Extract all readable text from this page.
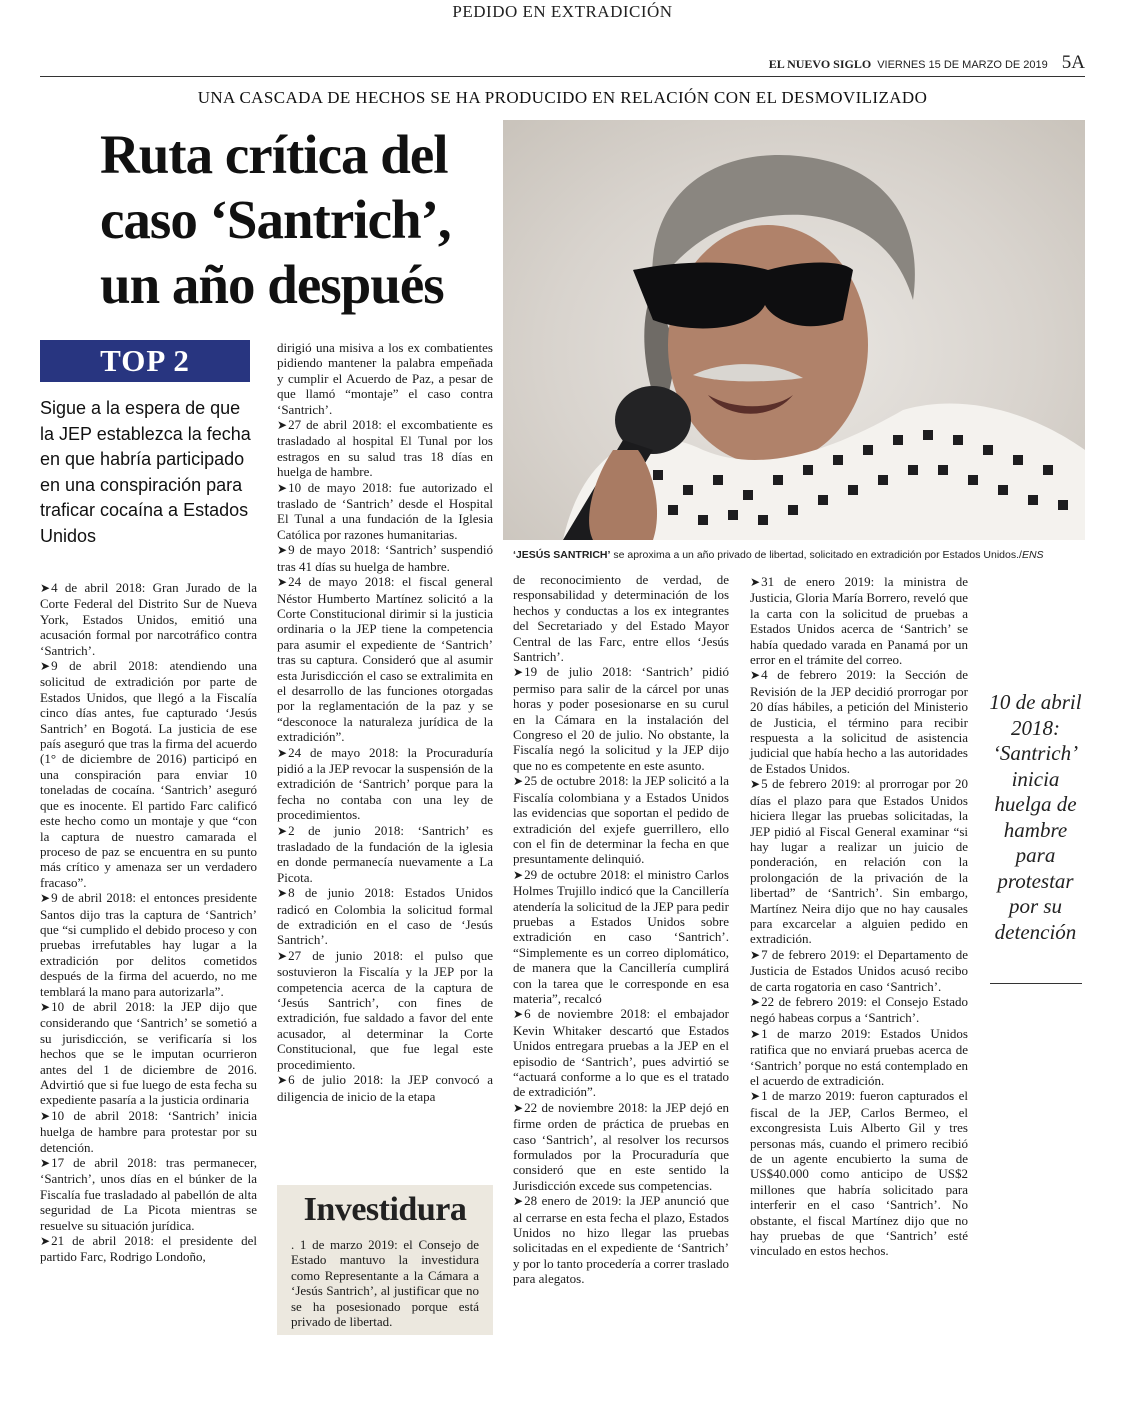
PEDIDO EN EXTRADICIÓN
EL NUEVO SIGLO VIERNES 15 DE MARZO DE 2019 5A
UNA CASCADA DE HECHOS SE HA PRODUCIDO EN RELACIÓN CON EL DESMOVILIZADO
Ruta crítica del caso ‘Santrich’, un año después
‘JESÚS SANTRICH’ se aproxima a un año privado de libertad, solicitado en extradición por Estados Unidos./ENS
TOP 2
Sigue a la espera de que la JEP establezca la fecha en que habría participado en una conspiración para traficar cocaína a Estados Unidos

➤ 4 de abril 2018: Gran Jurado de la Corte Federal del Distrito Sur de Nueva York, Estados Unidos, emitió una acusación formal por narcotráfico contra ‘Santrich’.

➤ 9 de abril 2018: atendiendo una solicitud de extradición por parte de Estados Unidos, que llegó a la Fiscalía cinco días antes, fue capturado ‘Jesús Santrich’ en Bogotá. La justicia de ese país aseguró que tras la firma del acuerdo (1° de diciembre de 2016) participó en una conspiración para enviar 10 toneladas de cocaína. ‘Santrich’ aseguró que es inocente. El partido Farc calificó este hecho como un montaje y que “con la captura de nuestro camarada el proceso de paz se encuentra en su punto más crítico y amenaza ser un verdadero fracaso”.

➤ 9 de abril 2018: el entonces presidente Santos dijo tras la captura de ‘Santrich’ que “si cumplido el debido proceso y con pruebas irrefutables hay lugar a la extradición por delitos cometidos después de la firma del acuerdo, no me temblará la mano para autorizarla”.

➤ 10 de abril 2018: la JEP dijo que considerando que ‘Santrich’ se sometió a su jurisdicción, se verificaría si los hechos que se le imputan ocurrieron antes del 1 de diciembre de 2016. Advirtió que si fue luego de esta fecha su expediente pasaría a la justicia ordinaria

➤ 10 de abril 2018: ‘Santrich’ inicia huelga de hambre para protestar por su detención.

➤ 17 de abril 2018: tras permanecer, ‘Santrich’, unos días en el búnker de la Fiscalía fue trasladado al pabellón de alta seguridad de La Picota mientras se resuelve su situación jurídica.

➤ 21 de abril 2018: el presidente del partido Farc, Rodrigo Londoño,

dirigió una misiva a los ex combatientes pidiendo mantener la palabra empeñada y cumplir el Acuerdo de Paz, a pesar de que llamó “montaje” el caso contra ‘Santrich’.

➤ 27 de abril 2018: el excombatiente es trasladado al hospital El Tunal por los estragos en su salud tras 18 días en huelga de hambre.

➤ 10 de mayo 2018: fue autorizado el traslado de ‘Santrich’ desde el Hospital El Tunal a una fundación de la Iglesia Católica por razones humanitarias.

➤ 9 de mayo 2018: ‘Santrich’ suspendió tras 41 días su huelga de hambre.

➤ 24 de mayo 2018: el fiscal general Néstor Humberto Martínez solicitó a la Corte Constitucional dirimir si la justicia ordinaria o la JEP tiene la competencia para asumir el expediente de ‘Santrich’ tras su captura. Consideró que al asumir esta Jurisdicción el caso se extralimita en el desarrollo de las funciones otorgadas por la reglamentación de la paz y se “desconoce la naturaleza jurídica de la extradición”.

➤ 24 de mayo 2018: la Procuraduría pidió a la JEP revocar la suspensión de la extradición de ‘Santrich’ porque para la fecha no contaba con una ley de procedimientos.

➤ 2 de junio 2018: ‘Santrich’ es trasladado de la fundación de la iglesia en donde permanecía nuevamente a La Picota.

➤ 8 de junio 2018: Estados Unidos radicó en Colombia la solicitud formal de extradición en el caso de ‘Jesús Santrich’.

➤ 27 de junio 2018: el pulso que sostuvieron la Fiscalía y la JEP por la competencia acerca de la captura de ‘Jesús Santrich’, con fines de extradición, fue saldado a favor del ente acusador, al determinar la Corte Constitucional, que fue legal este procedimiento.

➤ 6 de julio 2018: la JEP convocó a diligencia de inicio de la etapa

Investidura

. 1 de marzo 2019: el Consejo de Estado mantuvo la investidura como Representante a la Cámara a ‘Jesús Santrich’, al justificar que no se ha posesionado porque está privado de libertad.

de reconocimiento de verdad, de responsabilidad y determinación de los hechos y conductas a los ex integrantes del Secretariado y del Estado Mayor Central de las Farc, entre ellos ‘Jesús Santrich’.

➤ 19 de julio 2018: ‘Santrich’ pidió permiso para salir de la cárcel por unas horas y poder posesionarse en su curul en la Cámara en la instalación del Congreso el 20 de julio. No obstante, la Fiscalía negó la solicitud y la JEP dijo que no es competente en este asunto.

➤ 25 de octubre 2018: la JEP solicitó a la Fiscalía colombiana y a Estados Unidos las evidencias que soportan el pedido de extradición del exjefe guerrillero, ello con el fin de determinar la fecha en que presuntamente delinquió.

➤ 29 de octubre 2018: el ministro Carlos Holmes Trujillo indicó que la Cancillería atendería la solicitud de la JEP para pedir pruebas a Estados Unidos sobre extradición en caso ‘Santrich’. “Simplemente es un correo diplomático, de manera que la Cancillería cumplirá con la tarea que le corresponde en esa materia”, recalcó

➤ 6 de noviembre 2018: el embajador Kevin Whitaker descartó que Estados Unidos entregara pruebas a la JEP en el episodio de ‘Santrich’, pues advirtió se “actuará conforme a lo que es el tratado de extradición”.

➤ 22 de noviembre 2018: la JEP dejó en firme orden de práctica de pruebas en caso ‘Santrich’, al resolver los recursos formulados por la Procuraduría que consideró que en este sentido la Jurisdicción excede sus competencias.

➤ 28 enero de 2019: la JEP anunció que al cerrarse en esta fecha el plazo, Estados Unidos no hizo llegar las pruebas solicitadas en el expediente de ‘Santrich’ y por lo tanto procedería a correr traslado para alegatos.

➤ 31 de enero 2019: la ministra de Justicia, Gloria María Borrero, reveló que la carta con la solicitud de pruebas a Estados Unidos acerca de ‘Santrich’ se había quedado varada en Panamá por un error en el trámite del correo.

➤ 4 de febrero 2019: la Sección de Revisión de la JEP decidió prorrogar por 20 días hábiles, a petición del Ministerio de Justicia, el término para recibir respuesta a la solicitud de asistencia judicial que había hecho a las autoridades de Estados Unidos.

➤ 5 de febrero 2019: al prorrogar por 20 días el plazo para que Estados Unidos hiciera llegar las pruebas solicitadas, la JEP pidió al Fiscal General examinar “si hay lugar a realizar un juicio de ponderación, en relación con la prolongación de la privación de la libertad” de ‘Santrich’. Sin embargo, Martínez Neira dijo que no hay causales para excarcelar a alguien pedido en extradición.

➤ 7 de febrero 2019: el Departamento de Justicia de Estados Unidos acusó recibo de carta rogatoria en caso ‘Santrich’.

➤ 22 de febrero 2019: el Consejo Estado negó habeas corpus a ‘Santrich’.

➤ 1 de marzo 2019: Estados Unidos ratifica que no enviará pruebas acerca de ‘Santrich’ porque no está contemplado en el acuerdo de extradición.

➤ 1 de marzo 2019: fueron capturados el fiscal de la JEP, Carlos Bermeo, el excongresista Luis Alberto Gil y tres personas más, cuando el primero recibió de un agente encubierto la suma de US$40.000 como anticipo de US$2 millones que habría solicitado para interferir en el caso ‘Santrich’. No obstante, el fiscal Martínez dijo que no hay pruebas de que ‘Santrich’ esté vinculado en estos hechos.

10 de abril 2018: ‘Santrich’ inicia huelga de hambre para protestar por su detención
